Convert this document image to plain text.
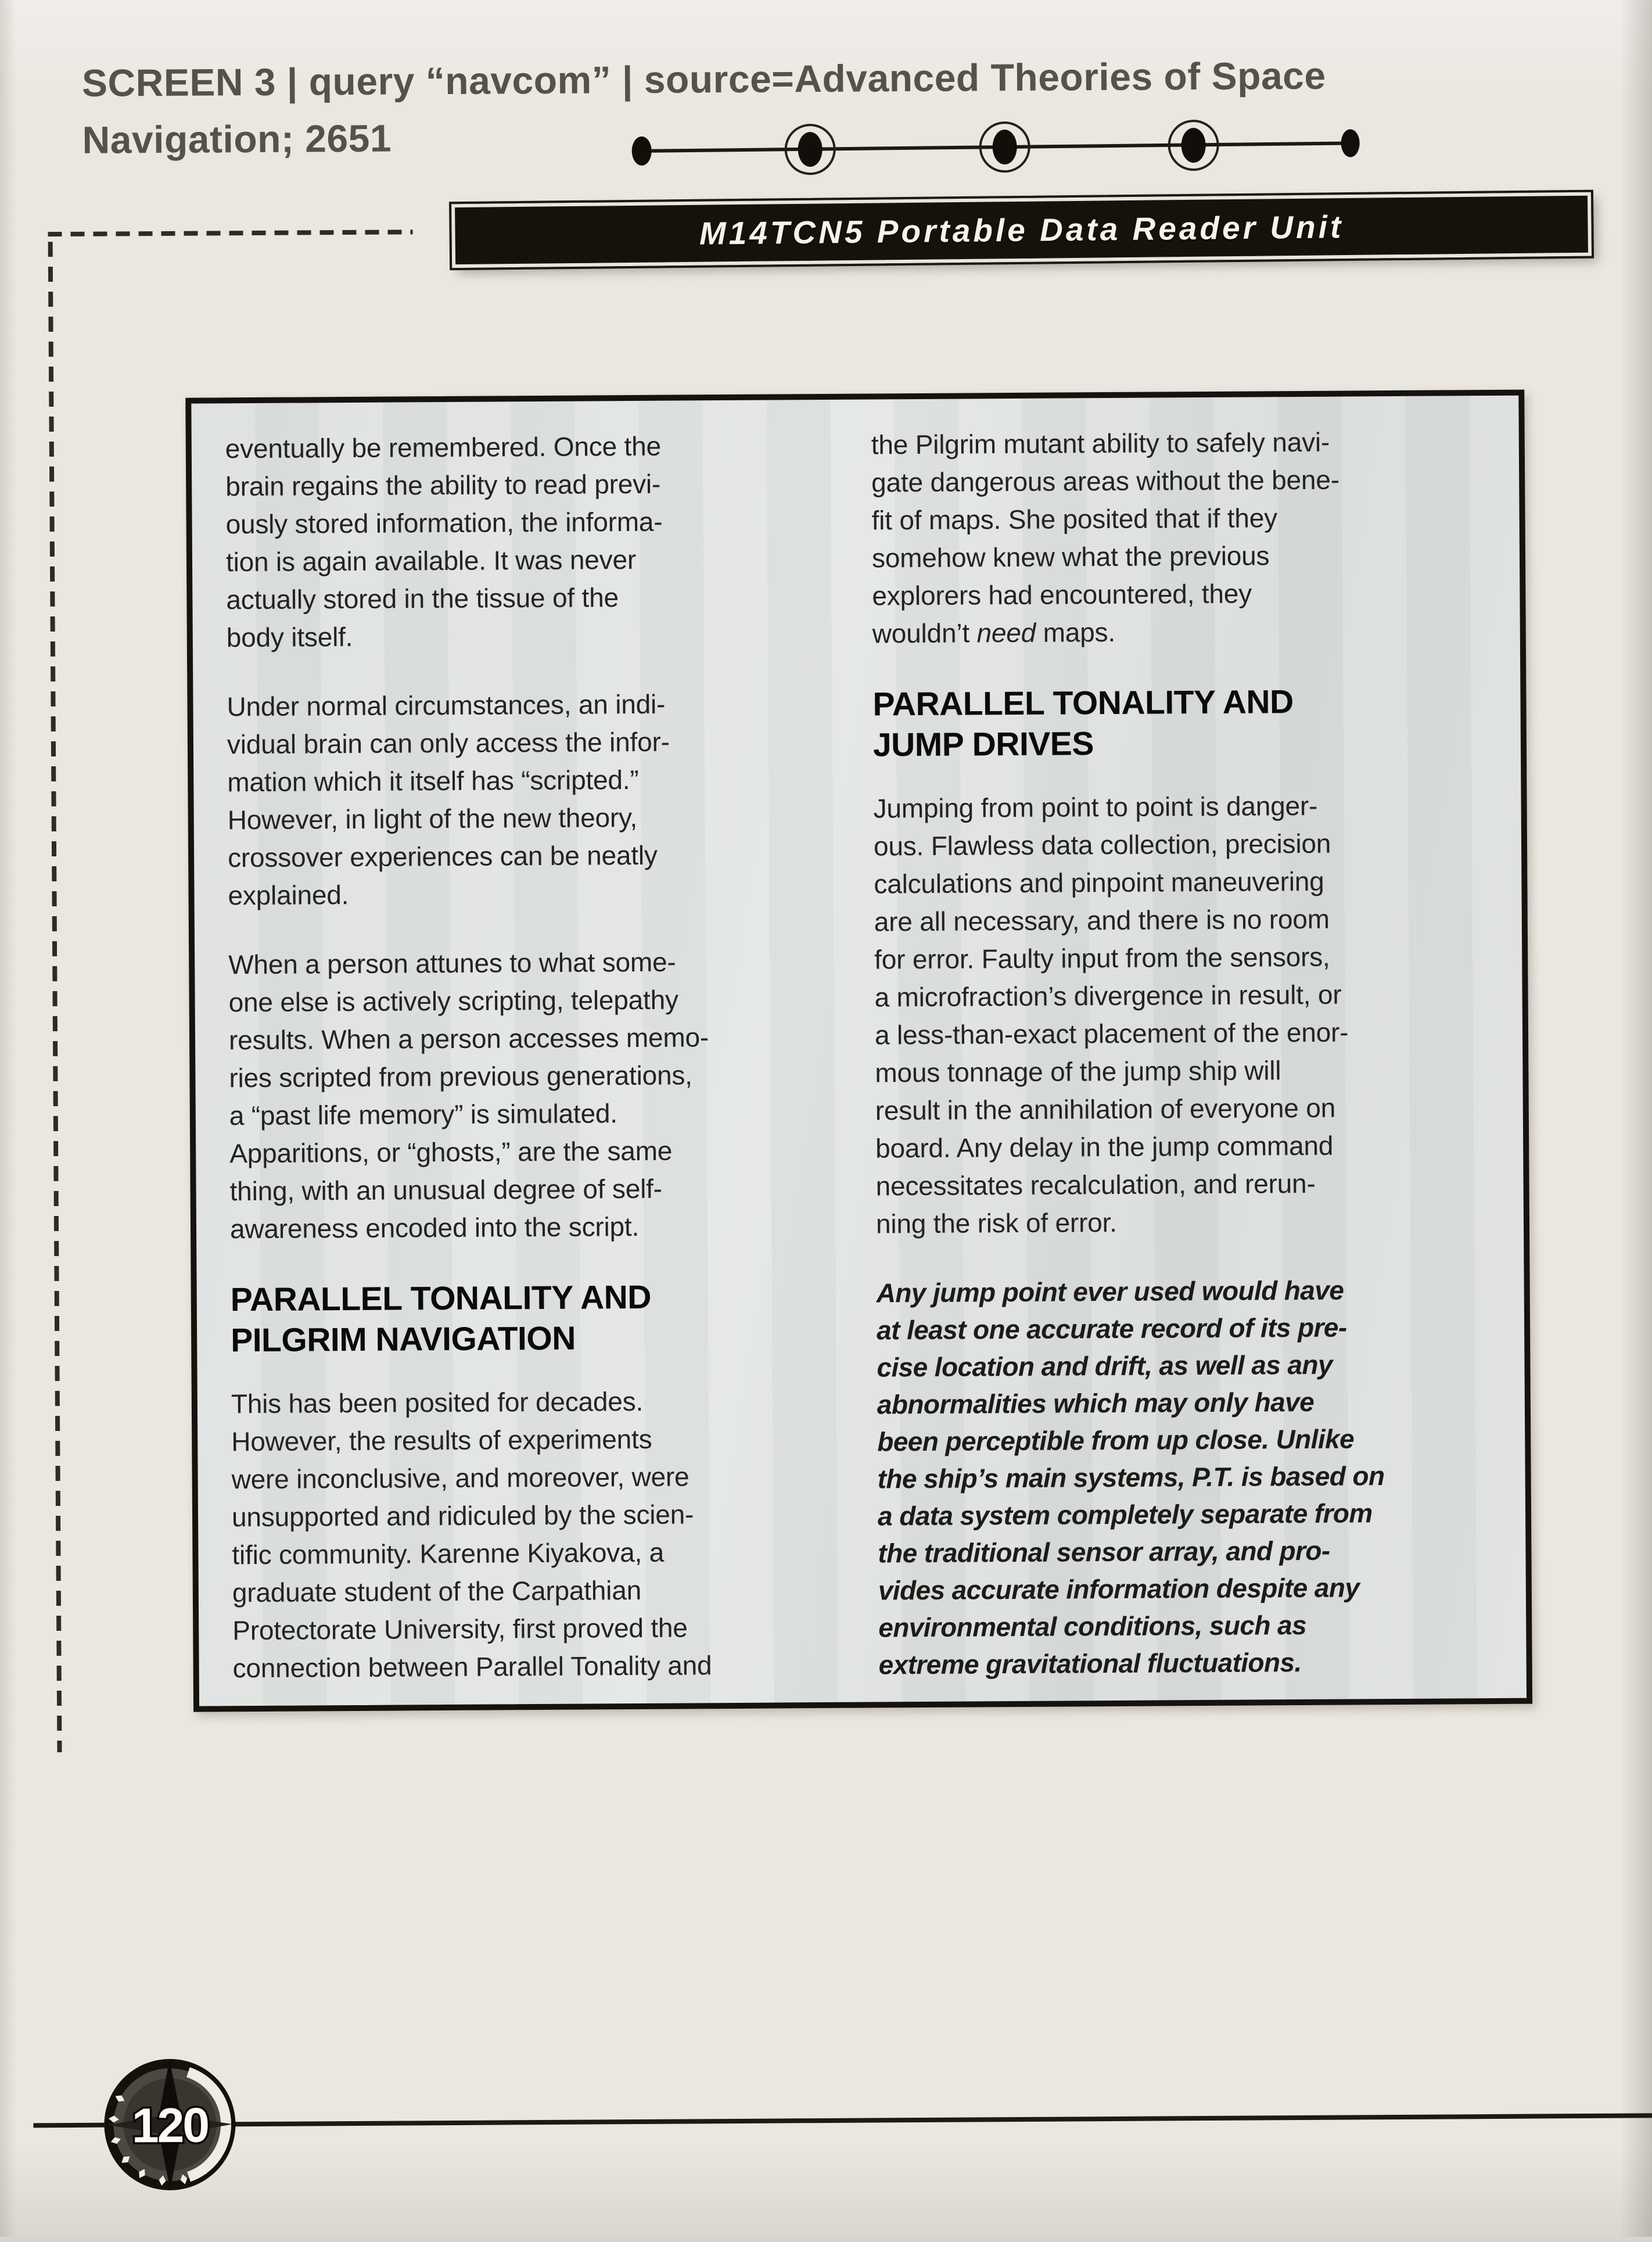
SCREEN 3 | query “navcom” | source=Advanced Theories of Space
Navigation; 2651
M14TCN5 Portable Data Reader Unit

eventually be remembered. Once the
brain regains the ability to read previ-
ously stored information, the informa-
tion is again available. It was never
actually stored in the tissue of the
body itself.

Under normal circumstances, an indi-
vidual brain can only access the infor-
mation which it itself has “scripted.”
However, in light of the new theory,
crossover experiences can be neatly
explained.

When a person attunes to what some-
one else is actively scripting, telepathy
results. When a person accesses memo-
ries scripted from previous generations,
a “past life memory” is simulated.
Apparitions, or “ghosts,” are the same
thing, with an unusual degree of self-
awareness encoded into the script.

PARALLEL TONALITY AND
PILGRIM NAVIGATION

This has been posited for decades.
However, the results of experiments
were inconclusive, and moreover, were
unsupported and ridiculed by the scien-
tific community. Karenne Kiyakova, a
graduate student of the Carpathian
Protectorate University, first proved the
connection between Parallel Tonality and

the Pilgrim mutant ability to safely navi-
gate dangerous areas without the bene-
fit of maps. She posited that if they
somehow knew what the previous
explorers had encountered, they
wouldn’t need maps.

PARALLEL TONALITY AND
JUMP DRIVES

Jumping from point to point is danger-
ous. Flawless data collection, precision
calculations and pinpoint maneuvering
are all necessary, and there is no room
for error. Faulty input from the sensors,
a microfraction’s divergence in result, or
a less-than-exact placement of the enor-
mous tonnage of the jump ship will
result in the annihilation of everyone on
board. Any delay in the jump command
necessitates recalculation, and rerun-
ning the risk of error.

Any jump point ever used would have
at least one accurate record of its pre-
cise location and drift, as well as any
abnormalities which may only have
been perceptible from up close. Unlike
the ship’s main systems, P.T. is based on
a data system completely separate from
the traditional sensor array, and pro-
vides accurate information despite any
environmental conditions, such as
extreme gravitational fluctuations.

120
